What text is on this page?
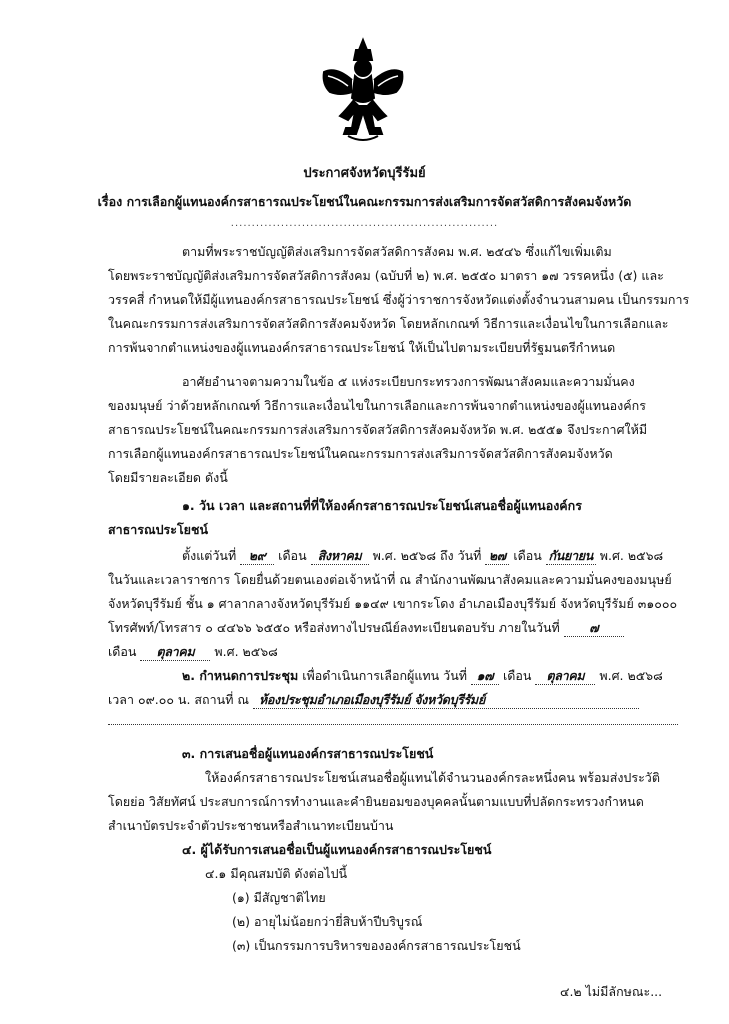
ประกาศจังหวัดบุรีรัมย์
เรื่อง การเลือกผู้แทนองค์กรสาธารณประโยชน์ในคณะกรรมการส่งเสริมการจัดสวัสดิการสังคมจังหวัด
................................................................
ตามที่พระราชบัญญัติส่งเสริมการจัดสวัสดิการสังคม พ.ศ. ๒๕๔๖ ซึ่งแก้ไขเพิ่มเติม
โดยพระราชบัญญัติส่งเสริมการจัดสวัสดิการสังคม (ฉบับที่ ๒) พ.ศ. ๒๕๕๐ มาตรา ๑๗ วรรคหนึ่ง (๕) และ
วรรคสี่ กำหนดให้มีผู้แทนองค์กรสาธารณประโยชน์ ซึ่งผู้ว่าราชการจังหวัดแต่งตั้งจำนวนสามคน เป็นกรรมการ
ในคณะกรรมการส่งเสริมการจัดสวัสดิการสังคมจังหวัด โดยหลักเกณฑ์ วิธีการและเงื่อนไขในการเลือกและ
การพ้นจากตำแหน่งของผู้แทนองค์กรสาธารณประโยชน์ ให้เป็นไปตามระเบียบที่รัฐมนตรีกำหนด
อาศัยอำนาจตามความในข้อ ๕ แห่งระเบียบกระทรวงการพัฒนาสังคมและความมั่นคง
ของมนุษย์ ว่าด้วยหลักเกณฑ์ วิธีการและเงื่อนไขในการเลือกและการพ้นจากตำแหน่งของผู้แทนองค์กร
สาธารณประโยชน์ในคณะกรรมการส่งเสริมการจัดสวัสดิการสังคมจังหวัด พ.ศ. ๒๕๕๑ จึงประกาศให้มี
การเลือกผู้แทนองค์กรสาธารณประโยชน์ในคณะกรรมการส่งเสริมการจัดสวัสดิการสังคมจังหวัด
โดยมีรายละเอียด ดังนี้
๑. วัน เวลา และสถานที่ที่ให้องค์กรสาธารณประโยชน์เสนอชื่อผู้แทนองค์กร
สาธารณประโยชน์
ตั้งแต่วันที่ ๒๙ เดือน สิงหาคม พ.ศ. ๒๕๖๘ ถึง วันที่ ๒๗ เดือน กันยายน พ.ศ. ๒๕๖๘
ในวันและเวลาราชการ โดยยื่นด้วยตนเองต่อเจ้าหน้าที่ ณ สำนักงานพัฒนาสังคมและความมั่นคงของมนุษย์
จังหวัดบุรีรัมย์ ชั้น ๑ ศาลากลางจังหวัดบุรีรัมย์ ๑๑๔๙ เขากระโดง อำเภอเมืองบุรีรัมย์ จังหวัดบุรีรัมย์ ๓๑๐๐๐
โทรศัพท์/โทรสาร ๐ ๔๔๖๖ ๖๕๕๐ หรือส่งทางไปรษณีย์ลงทะเบียนตอบรับ ภายในวันที่ ๗
เดือน ตุลาคม พ.ศ. ๒๕๖๘
๒. กำหนดการประชุม เพื่อดำเนินการเลือกผู้แทน วันที่ ๑๗ เดือน ตุลาคม พ.ศ. ๒๕๖๘
เวลา ๐๙.๐๐ น. สถานที่ ณ ห้องประชุมอำเภอเมืองบุรีรัมย์ จังหวัดบุรีรัมย์
๓. การเสนอชื่อผู้แทนองค์กรสาธารณประโยชน์
ให้องค์กรสาธารณประโยชน์เสนอชื่อผู้แทนได้จำนวนองค์กรละหนึ่งคน พร้อมส่งประวัติ
โดยย่อ วิสัยทัศน์ ประสบการณ์การทำงานและคำยินยอมของบุคคลนั้นตามแบบที่ปลัดกระทรวงกำหนด
สำเนาบัตรประจำตัวประชาชนหรือสำเนาทะเบียนบ้าน
๔. ผู้ได้รับการเสนอชื่อเป็นผู้แทนองค์กรสาธารณประโยชน์
๔.๑ มีคุณสมบัติ ดังต่อไปนี้
(๑) มีสัญชาติไทย
(๒) อายุไม่น้อยกว่ายี่สิบห้าปีบริบูรณ์
(๓) เป็นกรรมการบริหารขององค์กรสาธารณประโยชน์
๔.๒ ไม่มีลักษณะ...
